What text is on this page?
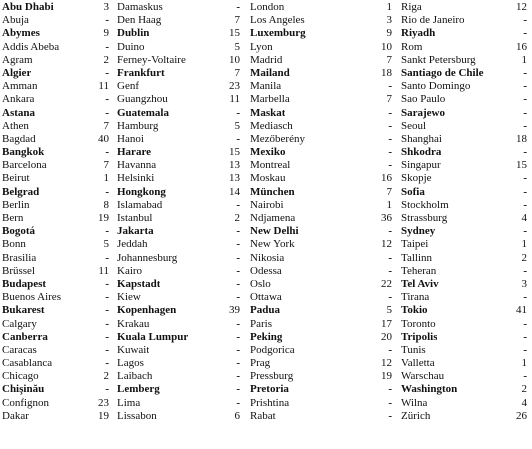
Abu Dhabi	3
Abuja	-
Abymes	9
Addis Abeba	-
Agram	2
Algier	-
Amman	11
Ankara	-
Astana	-
Athen	7
Bagdad	40
Bangkok	-
Barcelona	7
Beirut	1
Belgrad	-
Berlin	8
Bern	19
Bogotá	-
Bonn	5
Brasilia	-
Brüssel	11
Budapest	-
Buenos Aires	-
Bukarest	-
Calgary	-
Canberra	-
Caracas	-
Casablanca	-
Chicago	2
Chişinău	-
Confignon	23
Dakar	19
Damaskus	-
Den Haag	7
Dublin	15
Duino	5
Ferney-Voltaire	10
Frankfurt	7
Genf	23
Guangzhou	11
Guatemala	-
Hamburg	5
Hanoi	-
Harare	15
Havanna	13
Helsinki	13
Hongkong	14
Islamabad	-
Istanbul	2
Jakarta	-
Jeddah	-
Johannesburg	-
Kairo	-
Kapstadt	-
Kiew	-
Kopenhagen	39
Krakau	-
Kuala Lumpur	-
Kuwait	-
Lagos	-
Laibach	-
Lemberg	-
Lima	-
Lissabon	6
London	1
Los Angeles	3
Luxemburg	9
Lyon	10
Madrid	7
Mailand	18
Manila	-
Marbella	7
Maskat	-
Mediasch	-
Mezőberény	-
Mexiko	-
Montreal	-
Moskau	16
München	7
Nairobi	1
Ndjamena	36
New Delhi	-
New York	12
Nikosia	-
Odessa	-
Oslo	22
Ottawa	-
Padua	5
Paris	17
Peking	20
Podgorica	-
Prag	12
Pressburg	19
Pretoria	-
Prishtina	-
Rabat	-
Riga	12
Rio de Janeiro	-
Riyadh	-
Rom	16
Sankt Petersburg	1
Santiago de Chile	-
Santo Domingo	-
Sao Paulo	-
Sarajewo	-
Seoul	-
Shanghai	18
Shkodra	-
Singapur	15
Skopje	-
Sofia	-
Stockholm	-
Strassburg	4
Sydney	-
Taipei	1
Tallinn	2
Teheran	-
Tel Aviv	3
Tirana	-
Tokio	41
Toronto	-
Tripolis	-
Tunis	-
Valletta	1
Warschau	-
Washington	2
Wilna	4
Zürich	26
